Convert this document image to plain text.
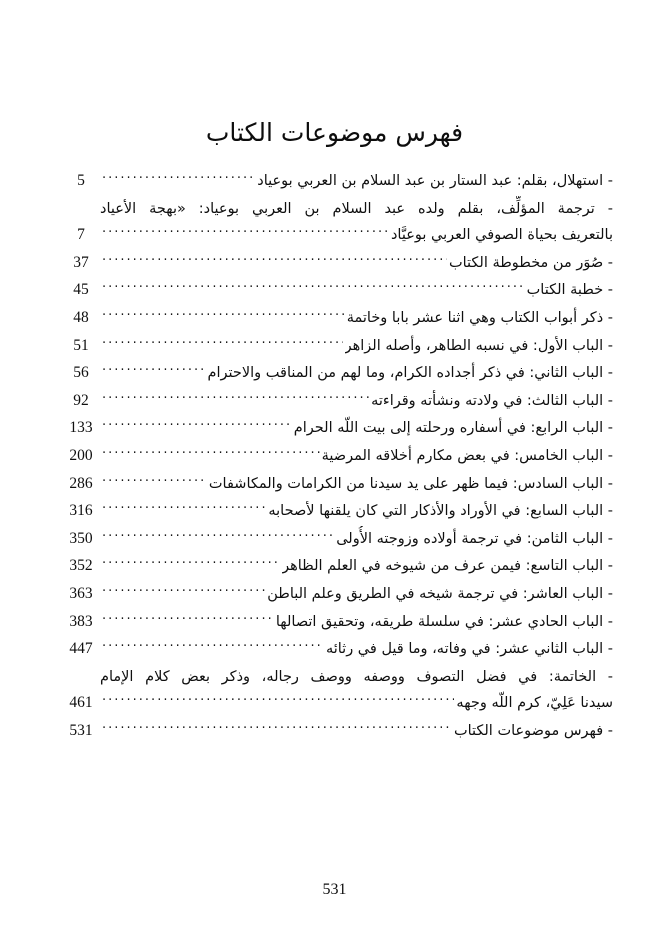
فهرس موضوعات الكتاب
- استهلال، بقلم: عبد الستار بن عبد السلام بن العربي بوعياد
.....
5
- ترجمة المؤلِّف، بقلم ولده عبد السلام بن العربي بوعياد: «بهجة الأعياد
بالتعريف بحياة الصوفي العربي بوعيَّاد
.....
7
- صُوَر من مخطوطة الكتاب
.....
37
- خطبة الكتاب
.....
45
- ذكر أبواب الكتاب وهي اثنا عشر بابا وخاتمة
.....
48
- الباب الأول: في نسبه الطاهر، وأصله الزاهر
.....
51
- الباب الثاني: في ذكر أجداده الكرام، وما لهم من المناقب والاحترام
.....
56
- الباب الثالث: في ولادته ونشأته وقراءته
.....
92
- الباب الرابع: في أسفاره ورحلته إلى بيت اللّه الحرام
.....
133
- الباب الخامس: في بعض مكارم أخلاقه المرضية
.....
200
- الباب السادس: فيما ظهر على يد سيدنا من الكرامات والمكاشفات
.....
286
- الباب السابع: في الأوراد والأذكار التي كان يلقنها لأصحابه
.....
316
- الباب الثامن: في ترجمة أولاده وزوجته الأُولى
.....
350
- الباب التاسع: فيمن عرف من شيوخه في العلم الظاهر
.....
352
- الباب العاشر: في ترجمة شيخه في الطريق وعلم الباطن
.....
363
- الباب الحادي عشر: في سلسلة طريقه، وتحقيق اتصالها
.....
383
- الباب الثاني عشر: في وفاته، وما قيل في رثائه
.....
447
- الخاتمة: في فضل التصوف ووصفه ووصف رجاله، وذكر بعض كلام الإمام
سيدنا عَلِيّ، كرم اللّه وجهه
.....
461
- فهرس موضوعات الكتاب
.....
531
531
